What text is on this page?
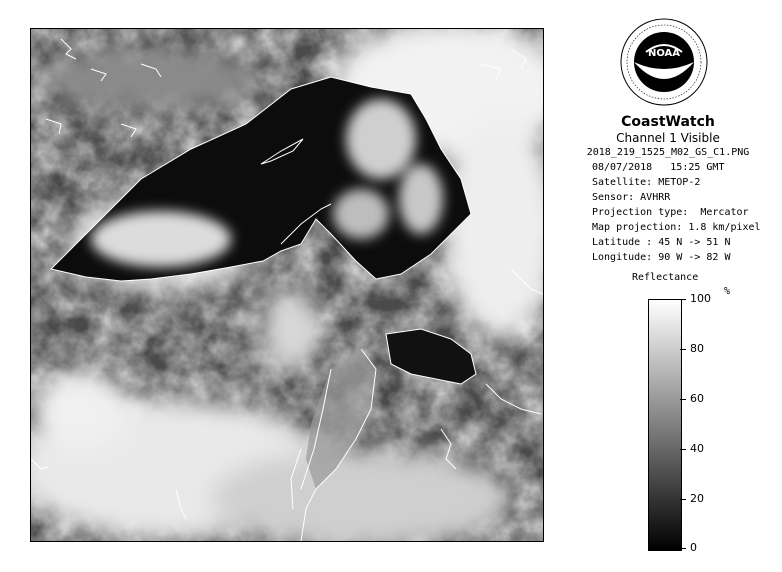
NOAA
CoastWatch
Channel 1 Visible
2018_219_1525_M02_GS_C1.PNG
08/07/2018 15:25 GMT
Satellite: METOP-2
Sensor: AVHRR
Projection type:  Mercator
Map projection: 1.8 km/pixel
Latitude : 45 N -> 51 N
Longitude: 90 W -> 82 W
Reflectance
%
100
80
60
40
20
0
